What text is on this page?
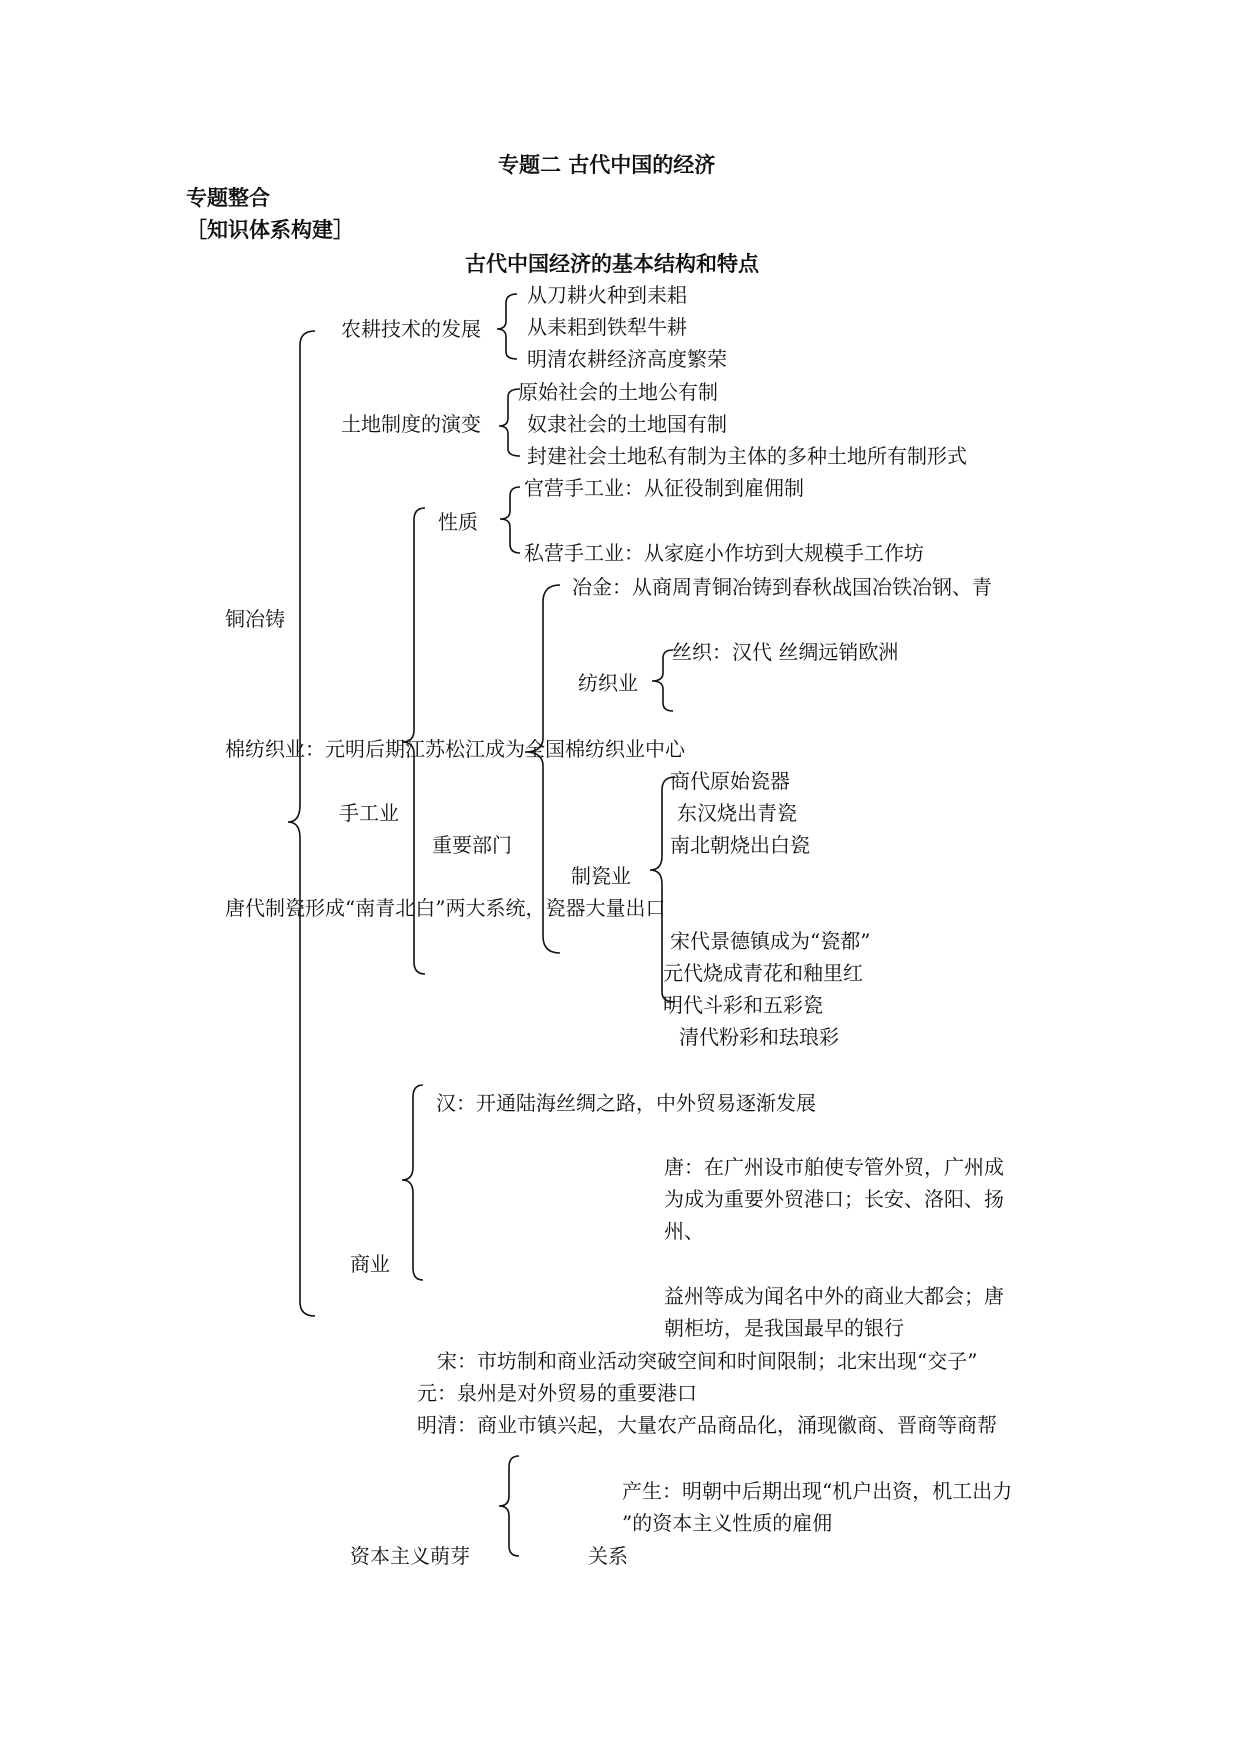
专题二 古代中国的经济
专题整合
［知识体系构建］
古代中国经济的基本结构和特点
农耕技术的发展
从刀耕火种到耒耜
从耒耜到铁犁牛耕
明清农耕经济高度繁荣
土地制度的演变
原始社会的土地公有制
奴隶社会的土地国有制
封建社会土地私有制为主体的多种土地所有制形式
性质
官营手工业：从征役制到雇佣制
私营手工业：从家庭小作坊到大规模手工作坊
冶金：从商周青铜冶铸到春秋战国冶铁冶钢、青
铜冶铸
丝织：汉代 丝绸远销欧洲
纺织业
棉纺织业：元明后期江苏松江成为全国棉纺织业中心
商代原始瓷器
东汉烧出青瓷
南北朝烧出白瓷
手工业
重要部门
制瓷业
唐代制瓷形成“南青北白”两大系统，瓷器大量出口
宋代景德镇成为“瓷都”
元代烧成青花和釉里红
明代斗彩和五彩瓷
清代粉彩和珐琅彩
汉：开通陆海丝绸之路，中外贸易逐渐发展
唐：在广州设市舶使专管外贸，广州成
为成为重要外贸港口；长安、洛阳、扬
州、
商业
益州等成为闻名中外的商业大都会；唐
朝柜坊，是我国最早的银行
宋：市坊制和商业活动突破空间和时间限制；北宋出现“交子”
元：泉州是对外贸易的重要港口
明清：商业市镇兴起，大量农产品商品化，涌现徽商、晋商等商帮
产生：明朝中后期出现“机户出资，机工出力
”的资本主义性质的雇佣
资本主义萌芽	关系
